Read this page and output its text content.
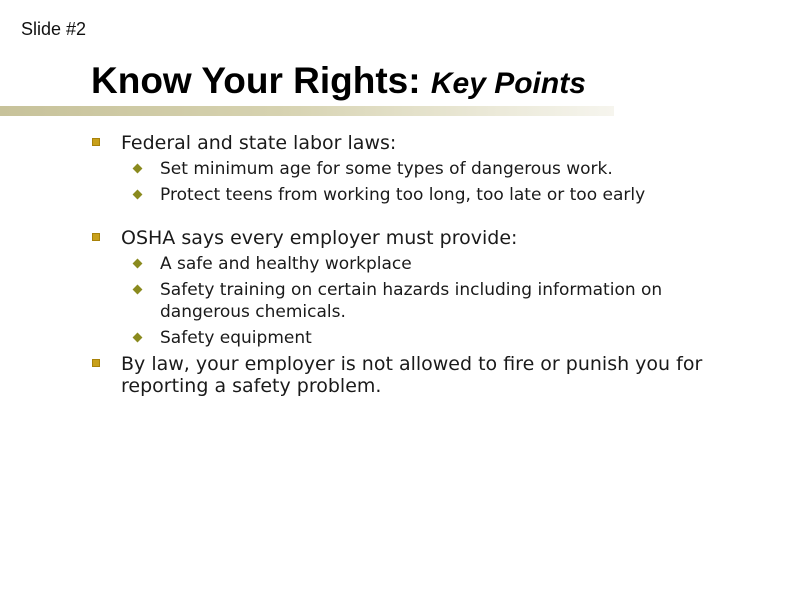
Slide #2
Know Your Rights: Key Points
Federal and state labor laws:
Set minimum age for some types of dangerous work.
Protect teens from working too long, too late or too early
OSHA says every employer must provide:
A safe and healthy workplace
Safety training on certain hazards including information on dangerous chemicals.
Safety equipment
By law, your employer is not allowed to fire or punish you for reporting a safety problem.
